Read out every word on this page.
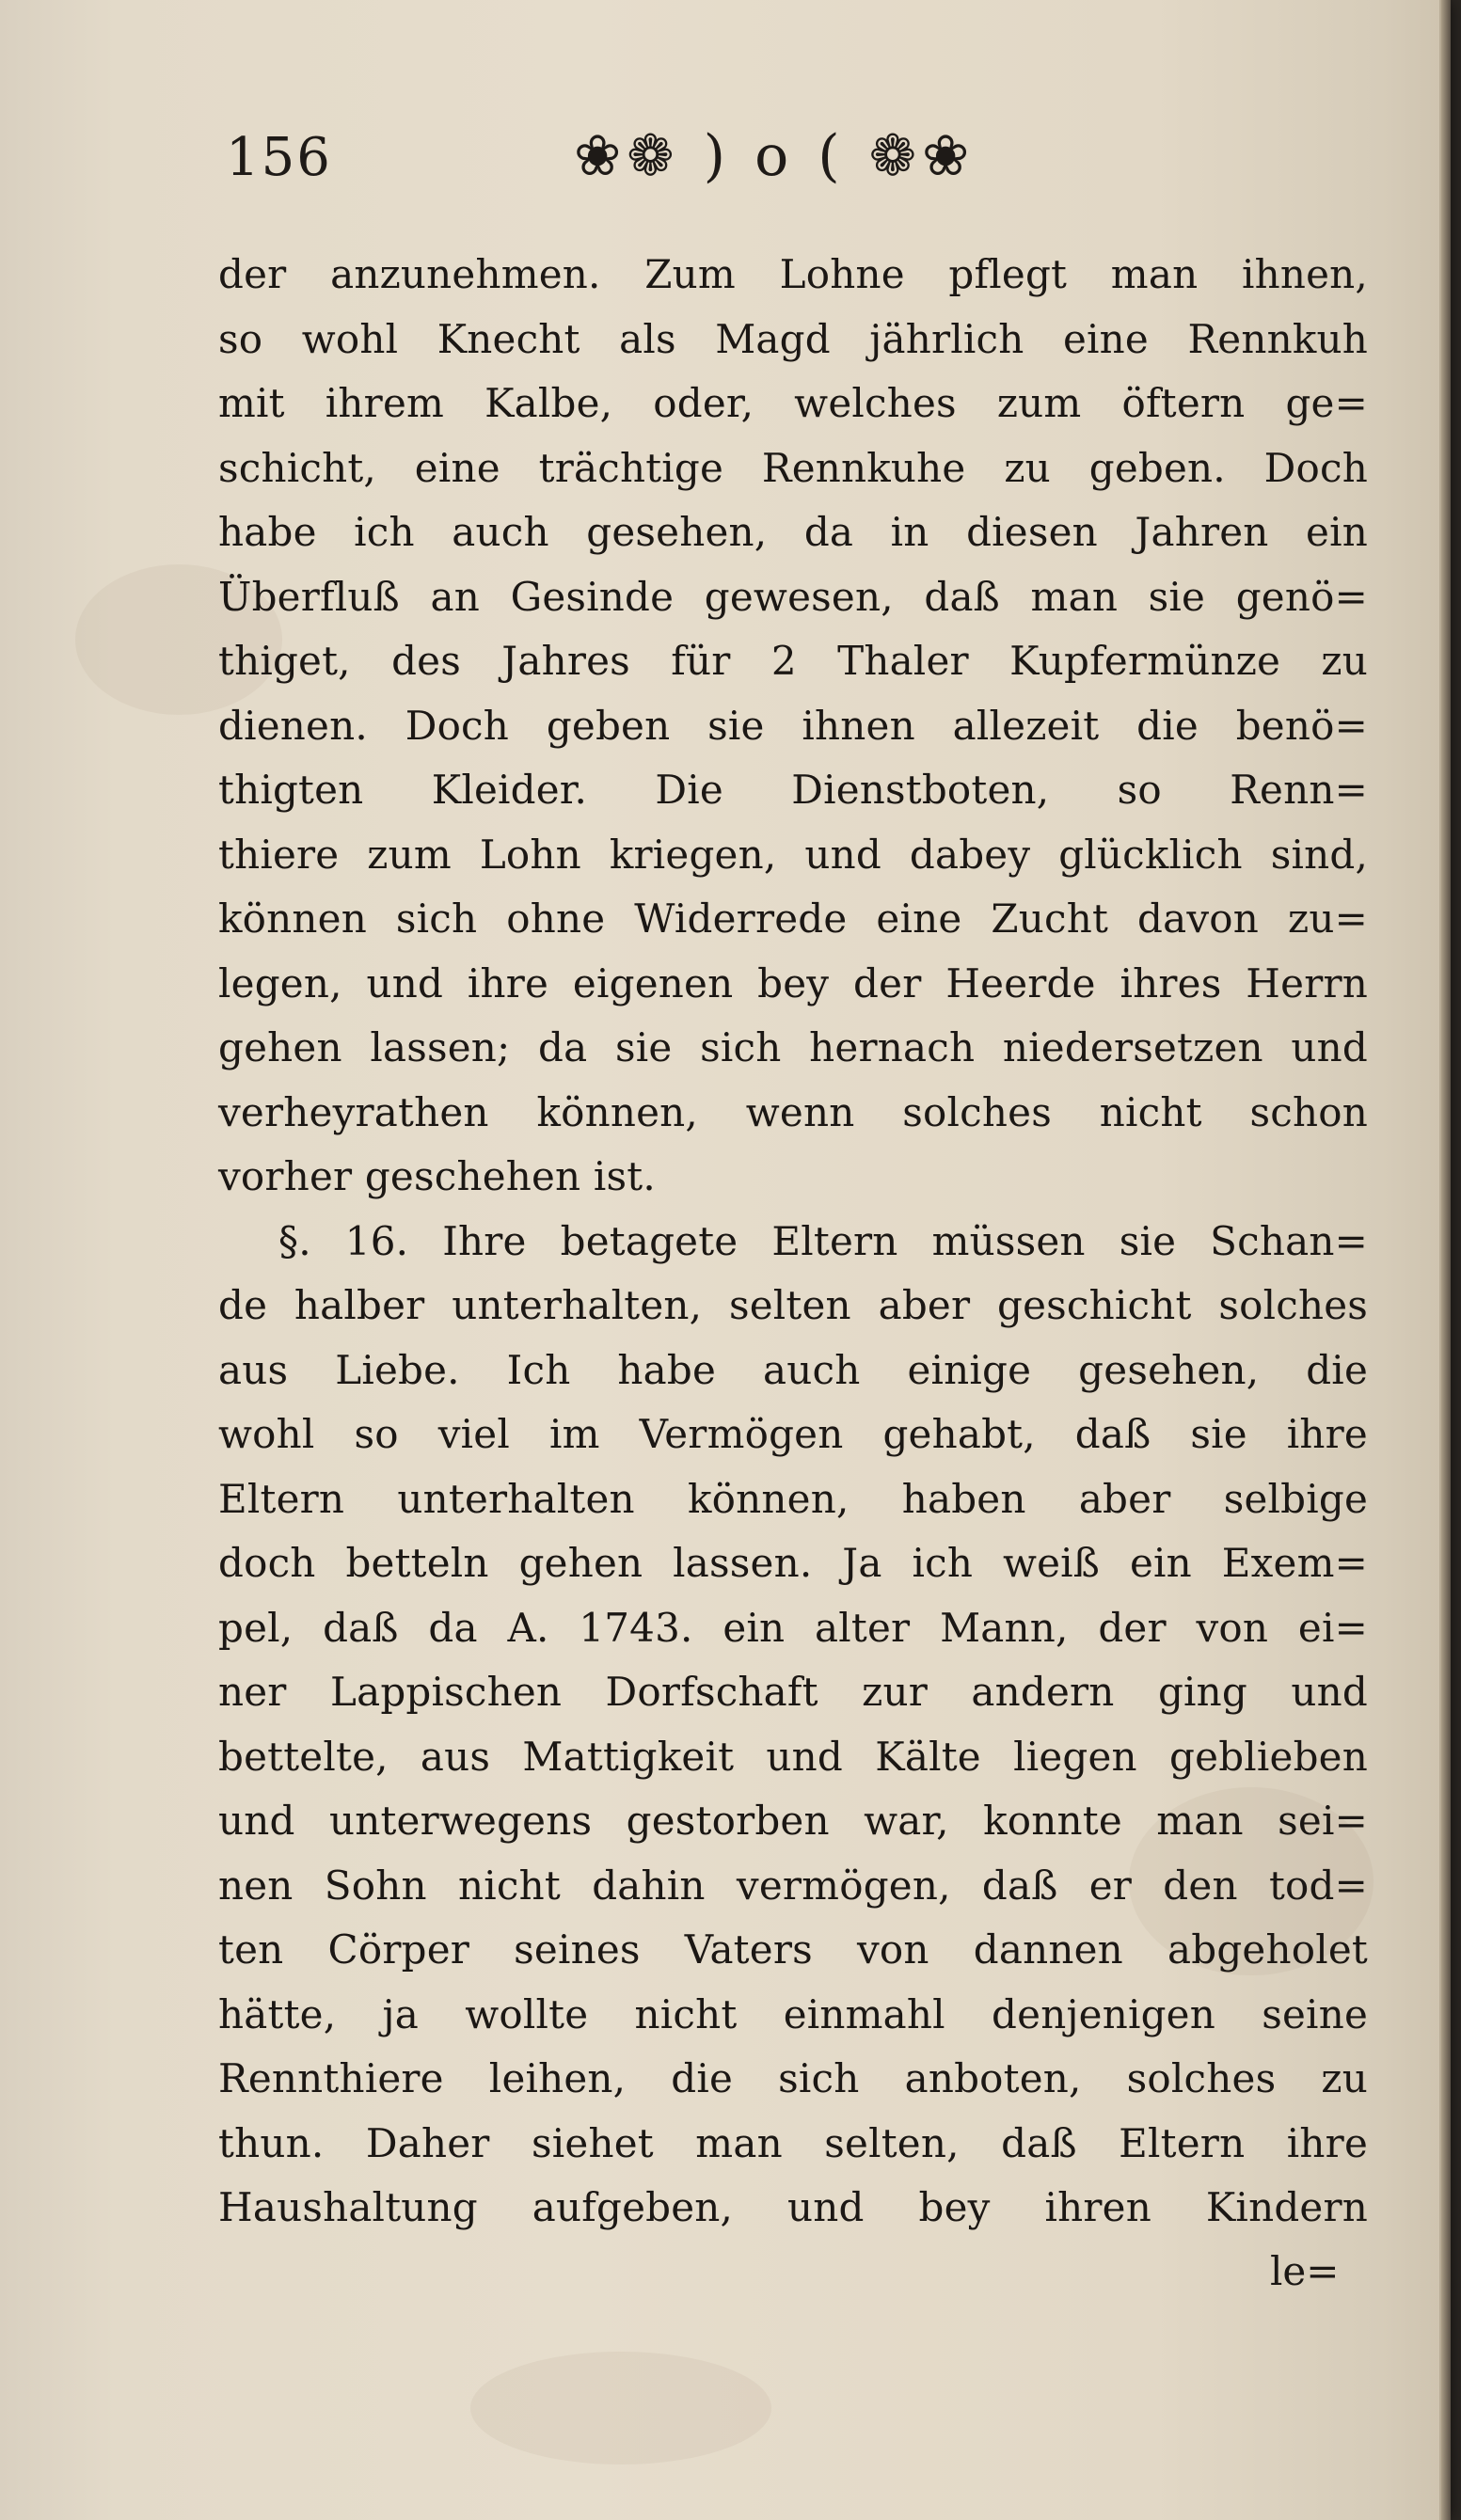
156	❀❁ ) o ( ❁❀
der anzunehmen. Zum Lohne pflegt man ihnen,
so wohl Knecht als Magd jährlich eine Rennkuh
mit ihrem Kalbe, oder, welches zum öftern ge=
schicht, eine trächtige Rennkuhe zu geben. Doch
habe ich auch gesehen, da in diesen Jahren ein
Überfluß an Gesinde gewesen, daß man sie genö=
thiget, des Jahres für 2 Thaler Kupfermünze zu
dienen. Doch geben sie ihnen allezeit die benö=
thigten Kleider. Die Dienstboten, so Renn=
thiere zum Lohn kriegen, und dabey glücklich sind,
können sich ohne Widerrede eine Zucht davon zu=
legen, und ihre eigenen bey der Heerde ihres Herrn
gehen lassen; da sie sich hernach niedersetzen und
verheyrathen können, wenn solches nicht schon
vorher geschehen ist.
§. 16. Ihre betagete Eltern müssen sie Schan=
de halber unterhalten, selten aber geschicht solches
aus Liebe. Ich habe auch einige gesehen, die
wohl so viel im Vermögen gehabt, daß sie ihre
Eltern unterhalten können, haben aber selbige
doch betteln gehen lassen. Ja ich weiß ein Exem=
pel, daß da A. 1743. ein alter Mann, der von ei=
ner Lappischen Dorfschaft zur andern ging und
bettelte, aus Mattigkeit und Kälte liegen geblieben
und unterwegens gestorben war, konnte man sei=
nen Sohn nicht dahin vermögen, daß er den tod=
ten Cörper seines Vaters von dannen abgeholet
hätte, ja wollte nicht einmahl denjenigen seine
Rennthiere leihen, die sich anboten, solches zu
thun. Daher siehet man selten, daß Eltern ihre
Haushaltung aufgeben, und bey ihren Kindern
le=
